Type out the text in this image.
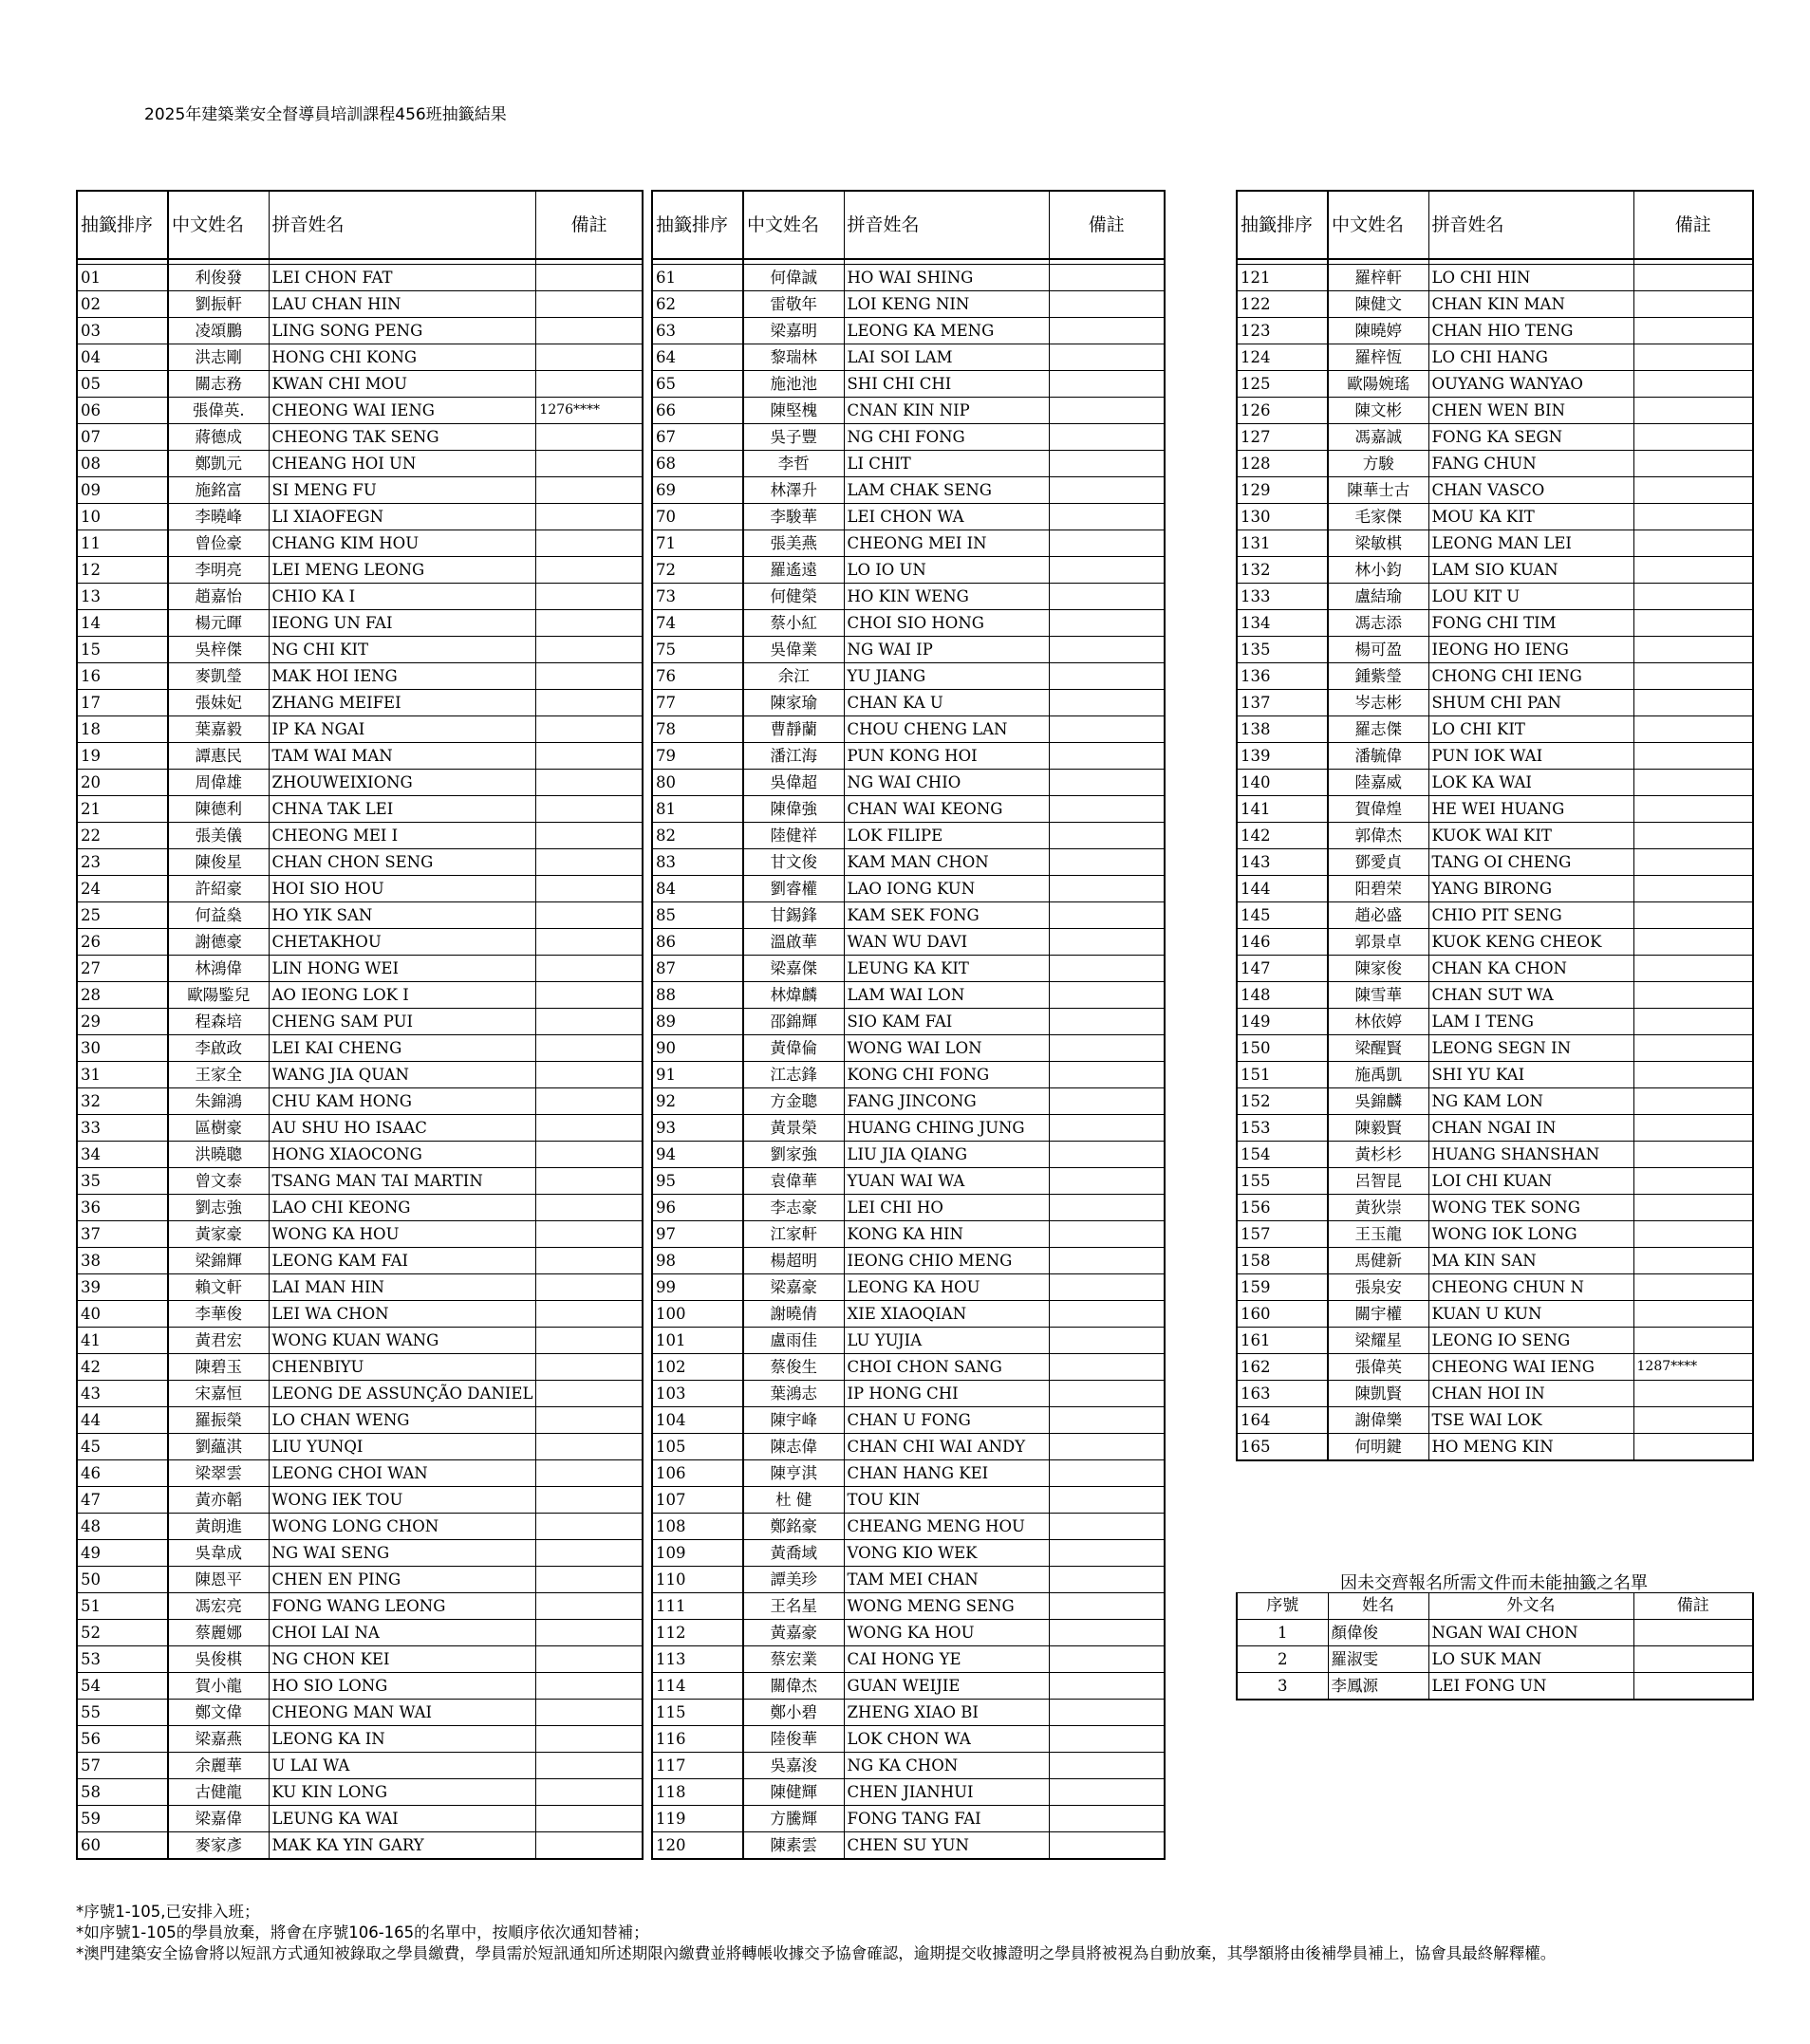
2025年建築業安全督導員培訓課程456班抽籤結果
抽籤排序	中文姓名	拼音姓名	備註

01	利俊發	LEI CHON FAT	
02	劉振軒	LAU CHAN HIN	
03	凌頌鵬	LING SONG PENG	
04	洪志剛	HONG CHI KONG	
05	關志務	KWAN CHI MOU	
06	張偉英.	CHEONG WAI IENG	1276****
07	蔣德成	CHEONG TAK SENG	
08	鄭凱元	CHEANG HOI UN	
09	施銘富	SI MENG FU	
10	李曉峰	LI XIAOFEGN	
11	曾俭豪	CHANG KIM HOU	
12	李明亮	LEI MENG LEONG	
13	趙嘉怡	CHIO KA I	
14	楊元暉	IEONG UN FAI	
15	吳梓傑	NG CHI KIT	
16	麥凱瑩	MAK HOI IENG	
17	張妹妃	ZHANG MEIFEI	
18	葉嘉毅	IP KA NGAI	
19	譚惠民	TAM WAI MAN	
20	周偉雄	ZHOUWEIXIONG	
21	陳德利	CHNA TAK LEI	
22	張美儀	CHEONG MEI I	
23	陳俊星	CHAN CHON SENG	
24	許紹豪	HOI SIO HOU	
25	何益燊	HO YIK SAN	
26	謝德豪	CHETAKHOU	
27	林鴻偉	LIN HONG WEI	
28	歐陽鍳兒	AO IEONG LOK I	
29	程森培	CHENG SAM PUI	
30	李啟政	LEI KAI CHENG	
31	王家全	WANG JIA QUAN	
32	朱錦鴻	CHU KAM HONG	
33	區樹豪	AU SHU HO ISAAC	
34	洪曉聰	HONG XIAOCONG	
35	曾文泰	TSANG MAN TAI MARTIN	
36	劉志強	LAO CHI KEONG	
37	黃家豪	WONG KA HOU	
38	梁錦輝	LEONG KAM FAI	
39	賴文軒	LAI MAN HIN	
40	李華俊	LEI WA CHON	
41	黃君宏	WONG KUAN WANG	
42	陳碧玉	CHENBIYU	
43	宋嘉恒	LEONG DE ASSUNÇÃO DANIEL	
44	羅振榮	LO CHAN WENG	
45	劉蘊淇	LIU YUNQI	
46	梁翠雲	LEONG CHOI WAN	
47	黃亦韜	WONG IEK TOU	
48	黃朗進	WONG LONG CHON	
49	吳韋成	NG WAI SENG	
50	陳恩平	CHEN EN PING	
51	馮宏亮	FONG WANG LEONG	
52	蔡麗娜	CHOI LAI NA	
53	吳俊棋	NG CHON KEI	
54	賀小龍	HO SIO LONG	
55	鄭文偉	CHEONG MAN WAI	
56	梁嘉燕	LEONG KA IN	
57	余麗華	U LAI WA	
58	古健龍	KU KIN LONG	
59	梁嘉偉	LEUNG KA WAI	
60	麥家彥	MAK KA YIN GARY	
抽籤排序	中文姓名	拼音姓名	備註

61	何偉誠	HO WAI SHING	
62	雷敬年	LOI KENG NIN	
63	梁嘉明	LEONG KA MENG	
64	黎瑞林	LAI SOI LAM	
65	施池池	SHI CHI CHI	
66	陳堅槐	CNAN KIN NIP	
67	吳子豐	NG CHI FONG	
68	李哲	LI CHIT	
69	林澤升	LAM CHAK SENG	
70	李駿華	LEI CHON WA	
71	張美燕	CHEONG MEI IN	
72	羅遙遠	LO IO UN	
73	何健榮	HO KIN WENG	
74	蔡小紅	CHOI SIO HONG	
75	吳偉業	NG WAI IP	
76	余江	YU JIANG	
77	陳家瑜	CHAN KA U	
78	曹靜蘭	CHOU CHENG LAN	
79	潘江海	PUN KONG HOI	
80	吳偉超	NG WAI CHIO	
81	陳偉強	CHAN WAI KEONG	
82	陸健祥	LOK FILIPE	
83	甘文俊	KAM MAN CHON	
84	劉睿權	LAO IONG KUN	
85	甘錫鋒	KAM SEK FONG	
86	溫啟華	WAN WU DAVI	
87	梁嘉傑	LEUNG KA KIT	
88	林煒麟	LAM WAI LON	
89	邵錦輝	SIO KAM FAI	
90	黃偉倫	WONG WAI LON	
91	江志鋒	KONG CHI FONG	
92	方金聰	FANG JINCONG	
93	黃景榮	HUANG CHING JUNG	
94	劉家強	LIU JIA QIANG	
95	袁偉華	YUAN WAI WA	
96	李志豪	LEI CHI HO	
97	江家軒	KONG KA HIN	
98	楊超明	IEONG CHIO MENG	
99	梁嘉豪	LEONG KA HOU	
100	謝曉倩	XIE XIAOQIAN	
101	盧雨佳	LU YUJIA	
102	蔡俊生	CHOI CHON SANG	
103	葉鴻志	IP HONG CHI	
104	陳宇峰	CHAN U FONG	
105	陳志偉	CHAN CHI WAI ANDY	
106	陳亨淇	CHAN HANG KEI	
107	杜 健	TOU KIN	
108	鄭銘豪	CHEANG MENG HOU	
109	黃喬域	VONG KIO WEK	
110	譚美珍	TAM MEI CHAN	
111	王名星	WONG MENG SENG	
112	黃嘉豪	WONG KA HOU	
113	蔡宏業	CAI HONG YE	
114	關偉杰	GUAN WEIJIE	
115	鄭小碧	ZHENG XIAO BI	
116	陸俊華	LOK CHON WA	
117	吳嘉浚	NG KA CHON	
118	陳健輝	CHEN JIANHUI	
119	方騰輝	FONG TANG FAI	
120	陳素雲	CHEN SU YUN	
抽籤排序	中文姓名	拼音姓名	備註

121	羅梓軒	LO CHI HIN	
122	陳健文	CHAN KIN MAN	
123	陳曉婷	CHAN HIO TENG	
124	羅梓恆	LO CHI HANG	
125	歐陽婉瑤	OUYANG WANYAO	
126	陳文彬	CHEN WEN BIN	
127	馮嘉誠	FONG KA SEGN	
128	方駿	FANG CHUN	
129	陳華士古	CHAN VASCO	
130	毛家傑	MOU KA KIT	
131	梁敏棋	LEONG MAN LEI	
132	林小鈞	LAM SIO KUAN	
133	盧結瑜	LOU KIT U	
134	馮志添	FONG CHI TIM	
135	楊可盈	IEONG HO IENG	
136	鍾紫瑩	CHONG CHI IENG	
137	岑志彬	SHUM CHI PAN	
138	羅志傑	LO CHI KIT	
139	潘毓偉	PUN IOK WAI	
140	陸嘉威	LOK KA WAI	
141	賀偉煌	HE WEI HUANG	
142	郭偉杰	KUOK WAI KIT	
143	鄧愛貞	TANG OI CHENG	
144	阳碧荣	YANG BIRONG	
145	趙必盛	CHIO PIT SENG	
146	郭景卓	KUOK KENG CHEOK	
147	陳家俊	CHAN KA CHON	
148	陳雪華	CHAN SUT WA	
149	林依婷	LAM I TENG	
150	梁醒賢	LEONG SEGN IN	
151	施禹凱	SHI YU KAI	
152	吳錦麟	NG KAM LON	
153	陳毅賢	CHAN NGAI IN	
154	黃杉杉	HUANG SHANSHAN	
155	呂智昆	LOI CHI KUAN	
156	黃狄崇	WONG TEK SONG	
157	王玉龍	WONG IOK LONG	
158	馬健新	MA KIN SAN	
159	張泉安	CHEONG CHUN N	
160	關宇權	KUAN U KUN	
161	梁耀星	LEONG IO SENG	
162	張偉英	CHEONG WAI IENG	1287****
163	陳凱賢	CHAN HOI IN	
164	謝偉樂	TSE WAI LOK	
165	何明鍵	HO MENG KIN	
因未交齊報名所需文件而未能抽籤之名單
序號	姓名	外文名	備註
1	顏偉俊	NGAN WAI CHON	
2	羅淑雯	LO SUK MAN	
3	李鳳源	LEI FONG UN	
*序號1-105,已安排入班；
*如序號1-105的學員放棄，將會在序號106-165的名單中，按順序依次通知替補；
*澳門建築安全協會將以短訊方式通知被錄取之學員繳費，學員需於短訊通知所述期限內繳費並將轉帳收據交予協會確認，逾期提交收據證明之學員將被視為自動放棄，其學額將由後補學員補上，協會具最終解釋權。
